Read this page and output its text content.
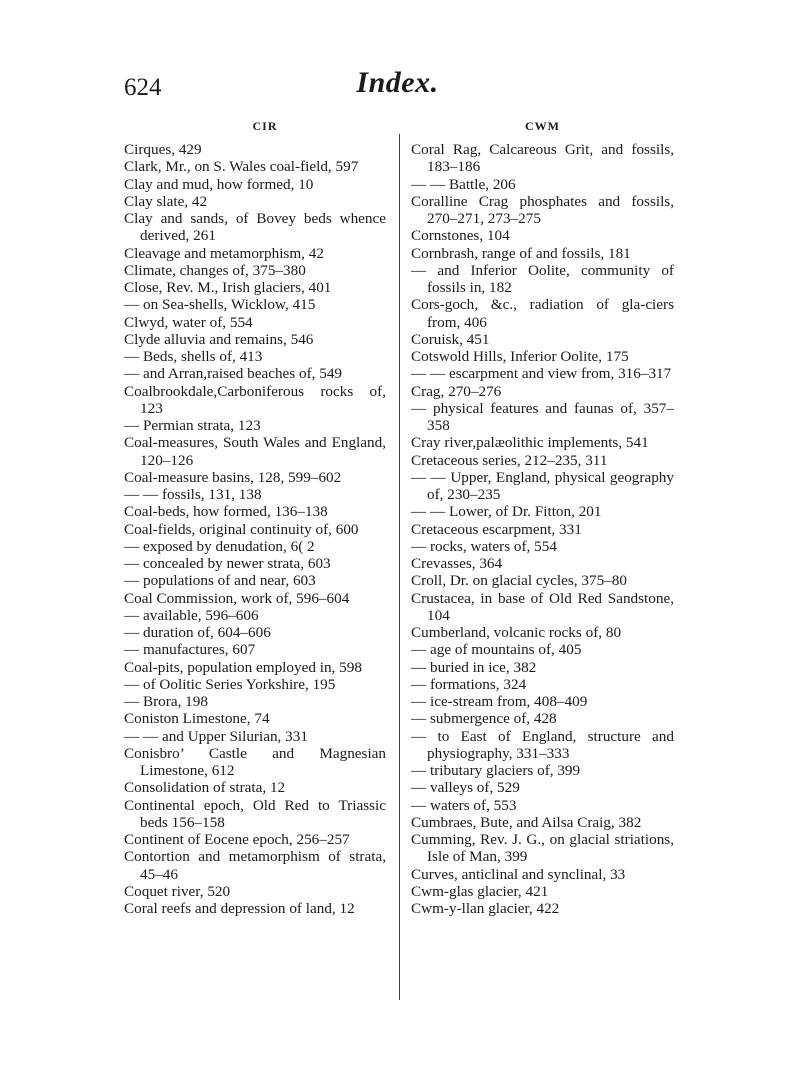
624	Index.
CIR
Cirques, 429
Clark, Mr., on S. Wales coal-field, 597
Clay and mud, how formed, 10
Clay slate, 42
Clay and sands, of Bovey beds whence derived, 261
Cleavage and metamorphism, 42
Climate, changes of, 375–380
Close, Rev. M., Irish glaciers, 401
— on Sea-shells, Wicklow, 415
Clwyd, water of, 554
Clyde alluvia and remains, 546
— Beds, shells of, 413
— and Arran,raised beaches of, 549
Coalbrookdale,Carboniferous rocks of, 123
— Permian strata, 123
Coal-measures, South Wales and England, 120–126
Coal-measure basins, 128, 599–602
— — fossils, 131, 138
Coal-beds, how formed, 136–138
Coal-fields, original continuity of, 600
— exposed by denudation, 6( 2
— concealed by newer strata, 603
— populations of and near, 603
Coal Commission, work of, 596–604
— available, 596–606
— duration of, 604–606
— manufactures, 607
Coal-pits, population employed in, 598
— of Oolitic Series Yorkshire, 195
— Brora, 198
Coniston Limestone, 74
— — and Upper Silurian, 331
Conisbro’ Castle and Magnesian Limestone, 612
Consolidation of strata, 12
Continental epoch, Old Red to Triassic beds 156–158
Continent of Eocene epoch, 256–257
Contortion and metamorphism of strata, 45–46
Coquet river, 520
Coral reefs and depression of land, 12
CWM
Coral Rag, Calcareous Grit, and fossils, 183–186
— — Battle, 206
Coralline Crag phosphates and fossils, 270–271, 273–275
Cornstones, 104
Cornbrash, range of and fossils, 181
— and Inferior Oolite, community of fossils in, 182
Cors-goch, &c., radiation of gla-ciers from, 406
Coruisk, 451
Cotswold Hills, Inferior Oolite, 175
— — escarpment and view from, 316–317
Crag, 270–276
— physical features and faunas of, 357–358
Cray river,palæolithic implements, 541
Cretaceous series, 212–235, 311
— — Upper, England, physical geography of, 230–235
— — Lower, of Dr. Fitton, 201
Cretaceous escarpment, 331
— rocks, waters of, 554
Crevasses, 364
Croll, Dr. on glacial cycles, 375–80
Crustacea, in base of Old Red Sandstone, 104
Cumberland, volcanic rocks of, 80
— age of mountains of, 405
— buried in ice, 382
— formations, 324
— ice-stream from, 408–409
— submergence of, 428
— to East of England, structure and physiography, 331–333
— tributary glaciers of, 399
— valleys of, 529
— waters of, 553
Cumbraes, Bute, and Ailsa Craig, 382
Cumming, Rev. J. G., on glacial striations, Isle of Man, 399
Curves, anticlinal and synclinal, 33
Cwm-glas glacier, 421
Cwm-y-llan glacier, 422
